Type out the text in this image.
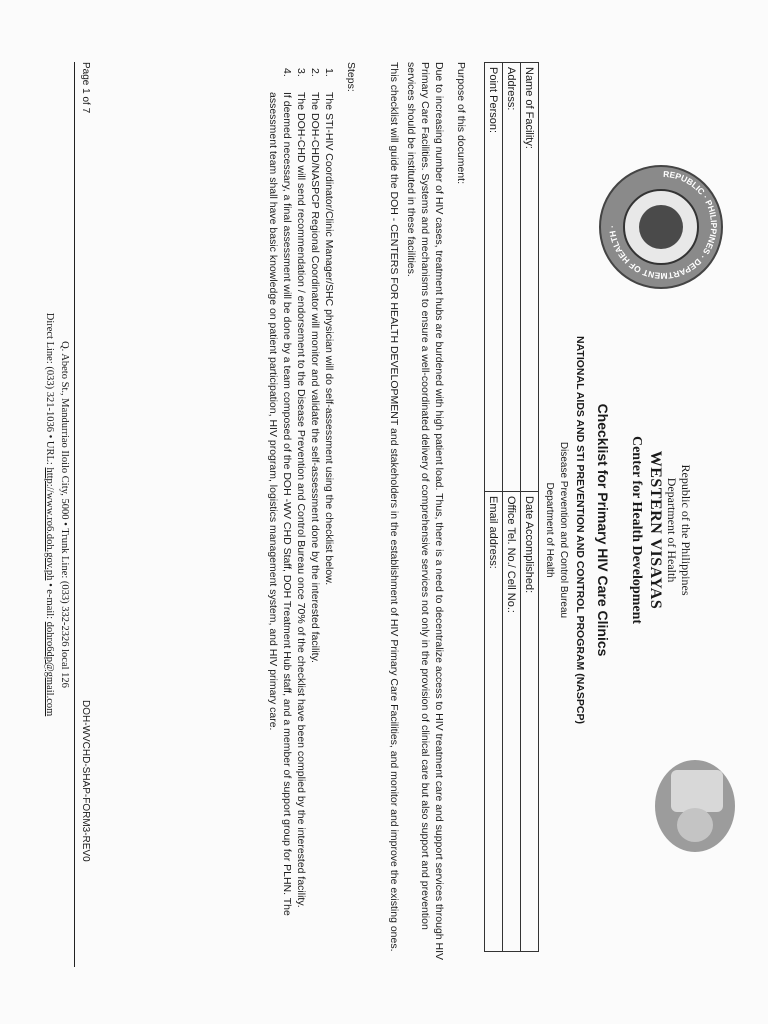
REPUBLIC · PHILIPPINES · DEPARTMENT OF HEALTH ·
Republic of the Philippines
Department of Health
WESTERN VISAYAS
Center for Health Development
Checklist for Primary HIV Care Clinics
NATIONAL AIDS AND STI PREVENTION AND CONTROL PROGRAM (NASPCP)
Disease Prevention and Control Bureau
Department of Health
Name of Facility:	Date Accomplished:
Address:	Office Tel. No./ Cell No.:
Point Person:	Email address:
Purpose of this document:
Due to increasing number of HIV cases, treatment hubs are burdened with high patient load. Thus, there is a need to decentralize access to HIV treatment care and support services through HIV Primary Care Facilities. Systems and mechanisms to ensure a well-coordinated delivery of comprehensive services not only in the provision of clinical care but also support and prevention services should be instituted in these facilities.
This checklist will guide the DOH - CENTERS FOR HEALTH DEVELOPMENT and stakeholders in the establishment of HIV Primary Care Facilities, and monitor and improve the existing ones.
Steps:
1.
The STI-HIV Coordinator/Clinic Manager/SHC physician will do self-assessment using the checklist below.
2.
The DOH-CHD/NASPCP Regional Coordinator will monitor and validate the self-assessment done by the interested facility.
3.
The DOH-CHD will send recommendation / endorsement to the Disease Prevention and Control Bureau once 70% of the checklist have been complied by the interested facility.
4.
If deemed necessary, a final assessment will be done by a team composed of the DOH -WV CHD Staff, DOH Treatment Hub staff, and a member of support group for PLHN. The assessment team shall have basic knowledge on patient participation, HIV program, logistics management system, and HIV primary care.
Page 1 of 7
DOH-WVCHD-SHAP-FORM3-REV0
Q. Abeto St., Mandurriao Iloilo City, 5000 • Trunk Line: (033) 332-2326 local 126
Direct Line: (033) 321-1036 • URL: http://www.ro6.doh.gov.ph • e-mail: dohro6dp@gmail.com
